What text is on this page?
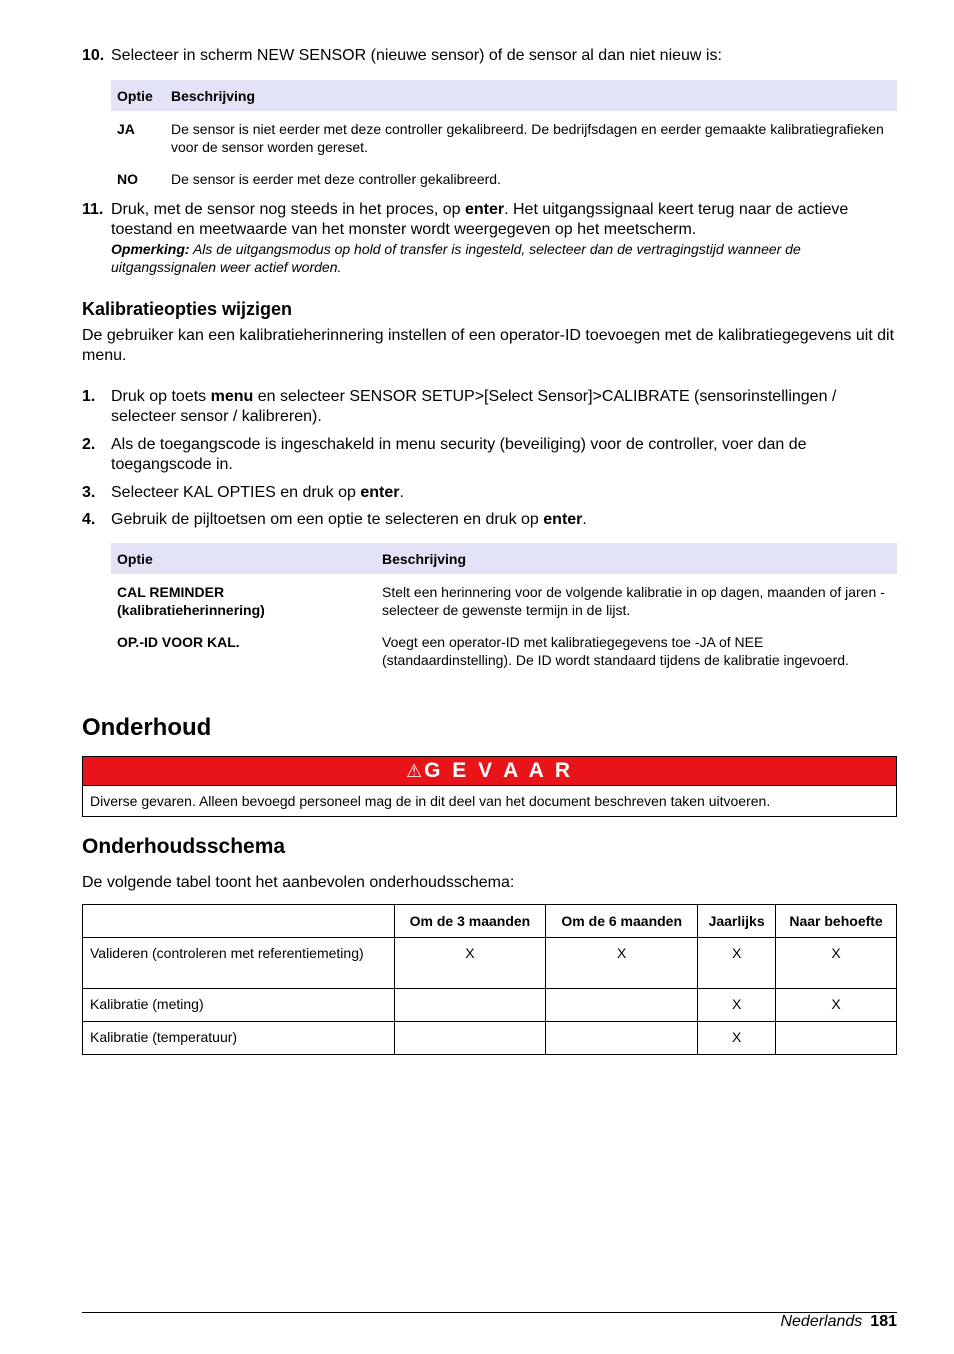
10. Selecteer in scherm NEW SENSOR (nieuwe sensor) of de sensor al dan niet nieuw is:
Optie	Beschrijving
JA	De sensor is niet eerder met deze controller gekalibreerd. De bedrijfsdagen en eerder gemaakte kalibratiegrafieken voor de sensor worden gereset.
NO	De sensor is eerder met deze controller gekalibreerd.
11. Druk, met de sensor nog steeds in het proces, op enter. Het uitgangssignaal keert terug naar de actieve toestand en meetwaarde van het monster wordt weergegeven op het meetscherm.
Opmerking: Als de uitgangsmodus op hold of transfer is ingesteld, selecteer dan de vertragingstijd wanneer de uitgangssignalen weer actief worden.
Kalibratieopties wijzigen

De gebruiker kan een kalibratieherinnering instellen of een operator-ID toevoegen met de kalibratiegegevens uit dit menu.

1. Druk op toets menu en selecteer SENSOR SETUP>[Select Sensor]>CALIBRATE (sensorinstellingen / selecteer sensor / kalibreren).
2. Als de toegangscode is ingeschakeld in menu security (beveiliging) voor de controller, voer dan de toegangscode in.
3. Selecteer KAL OPTIES en druk op enter.
4. Gebruik de pijltoetsen om een optie te selecteren en druk op enter.
Optie	Beschrijving
CAL REMINDER (kalibratieherinnering)	Stelt een herinnering voor de volgende kalibratie in op dagen, maanden of jaren - selecteer de gewenste termijn in de lijst.
OP.-ID VOOR KAL.	Voegt een operator-ID met kalibratiegegevens toe -JA of NEE (standaardinstelling). De ID wordt standaard tijdens de kalibratie ingevoerd.
Onderhoud
⚠G E V A A R
Diverse gevaren. Alleen bevoegd personeel mag de in dit deel van het document beschreven taken uitvoeren.
Onderhoudsschema

De volgende tabel toont het aanbevolen onderhoudsschema:

	Om de 3 maanden	Om de 6 maanden	Jaarlijks	Naar behoefte
Valideren (controleren met referentiemeting)	X	X	X	X
Kalibratie (meting)			X	X
Kalibratie (temperatuur)			X	
Nederlands 181
